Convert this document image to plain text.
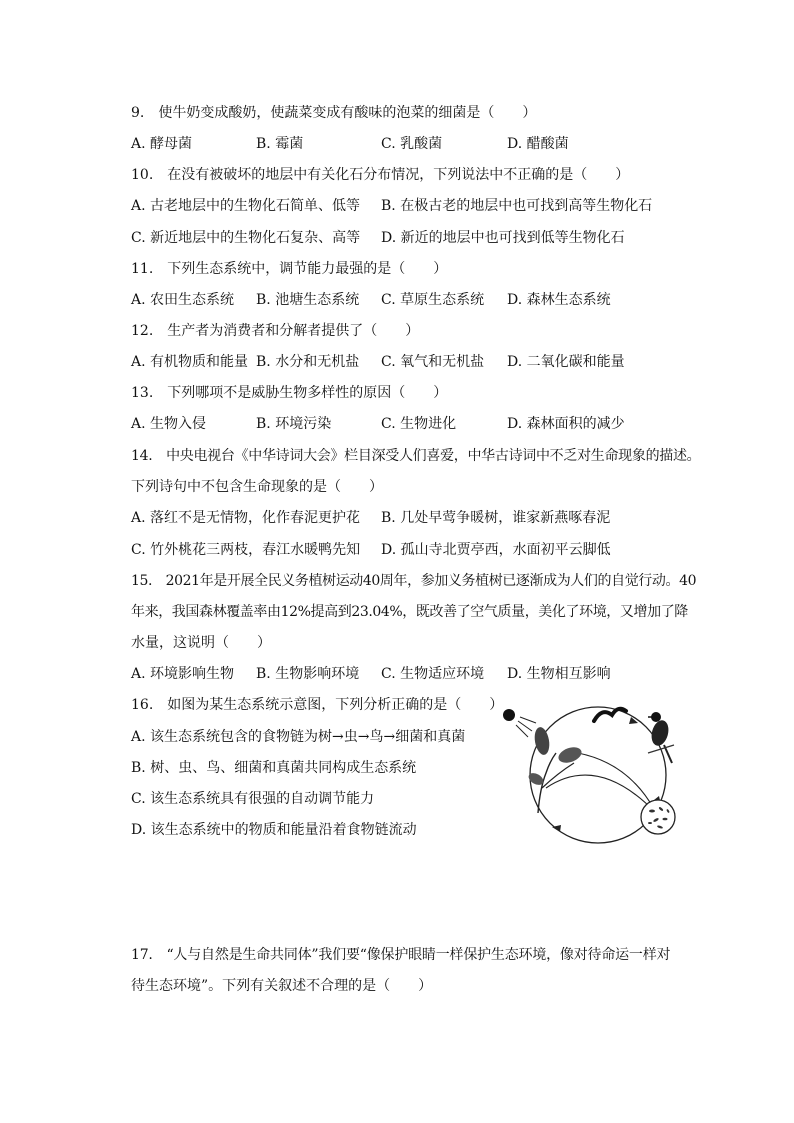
9.　使牛奶变成酸奶，使蔬菜变成有酸味的泡菜的细菌是（　　）
A. 酵母菌	B. 霉菌	C. 乳酸菌	D. 醋酸菌
10.　在没有被破坏的地层中有关化石分布情况，下列说法中不正确的是（　　）
A. 古老地层中的生物化石简单、低等 B. 在极古老的地层中也可找到高等生物化石
C. 新近地层中的生物化石复杂、高等 D. 新近的地层中也可找到低等生物化石
11.　下列生态系统中，调节能力最强的是（　　）
A. 农田生态系统 B. 池塘生态系统 C. 草原生态系统 D. 森林生态系统
12.　生产者为消费者和分解者提供了（　　）
A. 有机物质和能量 B. 水分和无机盐 C. 氧气和无机盐 D. 二氧化碳和能量
13.　下列哪项不是威胁生物多样性的原因（　　）
A. 生物入侵	B. 环境污染	C. 生物进化	D. 森林面积的减少
14.　中央电视台《中华诗词大会》栏目深受人们喜爱，中华古诗词中不乏对生命现象的描述。
下列诗句中不包含生命现象的是（　　）
A. 落红不是无情物，化作春泥更护花 B. 几处早莺争暖树，谁家新燕啄春泥
C. 竹外桃花三两枝，春江水暖鸭先知 D. 孤山寺北贾亭西，水面初平云脚低
15.　2021年是开展全民义务植树运动40周年，参加义务植树已逐渐成为人们的自觉行动。40
年来，我国森林覆盖率由12%提高到23.04%，既改善了空气质量，美化了环境，又增加了降
水量，这说明（　　）
A. 环境影响生物 B. 生物影响环境 C. 生物适应环境 D. 生物相互影响
16.　如图为某生态系统示意图，下列分析正确的是（　　）
A. 该生态系统包含的食物链为树→虫→鸟→细菌和真菌
B. 树、虫、鸟、细菌和真菌共同构成生态系统
C. 该生态系统具有很强的自动调节能力
D. 该生态系统中的物质和能量沿着食物链流动
17.　“人与自然是生命共同体”我们要“像保护眼睛一样保护生态环境，像对待命运一样对
待生态环境”。下列有关叙述不合理的是（　　）
